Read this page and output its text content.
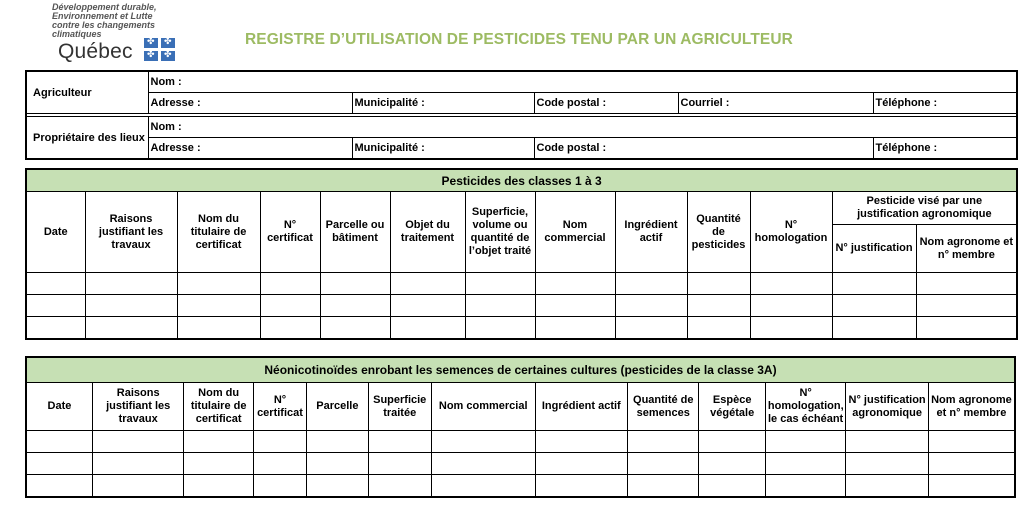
Développement durable,
Environnement et Lutte
contre les changements
climatiques
Québec
✤
✤
✤
✤
REGISTRE D’UTILISATION DE PESTICIDES TENU PAR UN AGRICULTEUR
Agriculteur	Nom :				
	Adresse :	Municipalité :	Code postal :	Courriel :	Téléphone :

Propriétaire des lieux	Nom :				
	Adresse :	Municipalité :	Code postal :		Téléphone :
Pesticides des classes 1 à 3												
Date	Raisons justifiant les travaux	Nom du titulaire de certificat	N° certificat	Parcelle ou bâtiment	Objet du traitement	Superficie, volume ou quantité de l’objet traité	Nom commercial	Ingrédient actif	Quantité de pesticides	N° homologation	Pesticide visé par une justification agronomique	
											N° justification	Nom agronome et n° membre

Néonicotinoïdes enrobant les semences de certaines cultures (pesticides de la classe 3A)												
Date	Raisons justifiant les travaux	Nom du titulaire de certificat	N° certificat	Parcelle	Superficie traitée	Nom commercial	Ingrédient actif	Quantité de semences	Espèce végétale	N° homologation, le cas échéant	N° justification agronomique	Nom agronome et n° membre
